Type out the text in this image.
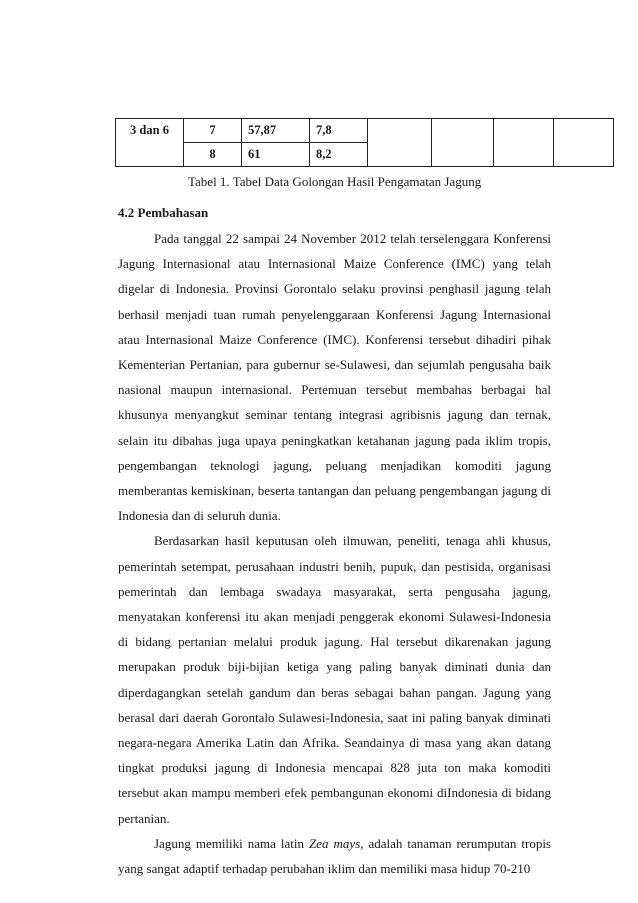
3 dan 6	7	57,87	7,8				
	8	61	8,2				
Tabel 1. Tabel Data Golongan Hasil Pengamatan Jagung
4.2 Pembahasan

Pada tanggal 22 sampai 24 November 2012 telah terselenggara Konferensi Jagung Internasional atau Internasional Maize Conference (IMC) yang telah digelar di Indonesia. Provinsi Gorontalo selaku provinsi penghasil jagung telah berhasil menjadi tuan rumah penyelenggaraan Konferensi Jagung Internasional atau Internasional Maize Conference (IMC). Konferensi tersebut dihadiri pihak Kementerian Pertanian, para gubernur se-Sulawesi, dan sejumlah pengusaha baik nasional maupun internasional. Pertemuan tersebut membahas berbagai hal khusunya menyangkut seminar tentang integrasi agribisnis jagung dan ternak, selain itu dibahas juga upaya peningkatkan ketahanan jagung pada iklim tropis, pengembangan teknologi jagung, peluang menjadikan komoditi jagung memberantas kemiskinan, beserta tantangan dan peluang pengembangan jagung di Indonesia dan di seluruh dunia.

Berdasarkan hasil keputusan oleh ilmuwan, peneliti, tenaga ahli khusus, pemerintah setempat, perusahaan industri benih, pupuk, dan pestisida, organisasi pemerintah dan lembaga swadaya masyarakat, serta pengusaha jagung, menyatakan konferensi itu akan menjadi penggerak ekonomi Sulawesi-Indonesia di bidang pertanian melalui produk jagung. Hal tersebut dikarenakan jagung merupakan produk biji-bijian ketiga yang paling banyak diminati dunia dan diperdagangkan setelah gandum dan beras sebagai bahan pangan. Jagung yang berasal dari daerah Gorontalo Sulawesi-Indonesia, saat ini paling banyak diminati negara-negara Amerika Latin dan Afrika. Seandainya di masa yang akan datang tingkat produksi jagung di Indonesia mencapai 828 juta ton maka komoditi tersebut akan mampu memberi efek pembangunan ekonomi diIndonesia di bidang pertanian.

Jagung memiliki nama latin Zea mays, adalah tanaman rerumputan tropis yang sangat adaptif terhadap perubahan iklim dan memiliki masa hidup 70-210
